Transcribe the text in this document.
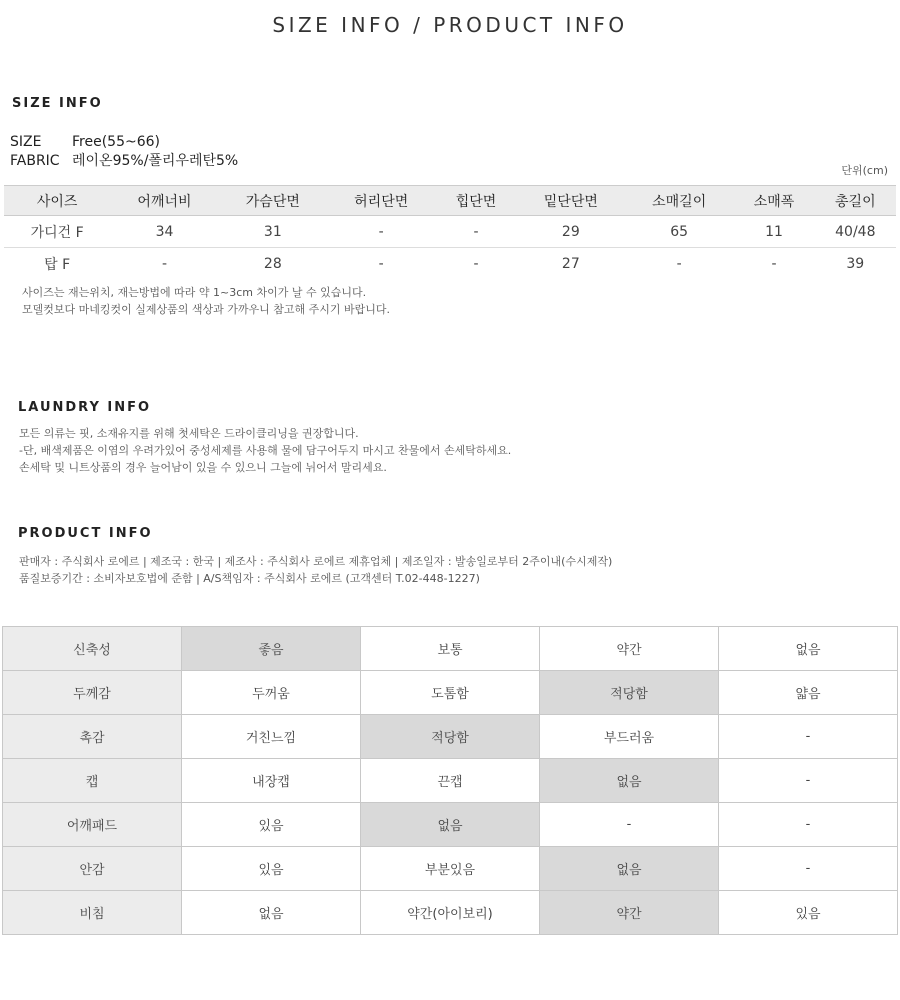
SIZE INFO / PRODUCT INFO
SIZE INFO
SIZE Free(55~66)
FABRIC 레이온95%/폴리우레탄5%
단위(cm)
사이즈	어깨너비	가슴단면	허리단면	힙단면	밑단단면	소매길이	소매폭	총길이
가디건 F	34	31	-	-	29	65	11	40/48
탑 F	-	28	-	-	27	-	-	39
사이즈는 재는위치, 재는방법에 따라 약 1~3cm 차이가 날 수 있습니다.
모델컷보다 마네킹컷이 실제상품의 색상과 가까우니 참고해 주시기 바랍니다.
LAUNDRY INFO
모든 의류는 핏, 소재유지를 위해 첫세탁은 드라이클리닝을 권장합니다.
-단, 배색제품은 이염의 우려가있어 중성세제를 사용해 물에 담구어두지 마시고 찬물에서 손세탁하세요.
손세탁 및 니트상품의 경우 늘어남이 있을 수 있으니 그늘에 뉘어서 말리세요.
PRODUCT INFO
판매자 : 주식회사 로에르 | 제조국 : 한국 | 제조사 : 주식회사 로에르 제휴업체 | 제조일자 : 발송일로부터 2주이내(수시제작)
품질보증기간 : 소비자보호법에 준함 | A/S책임자 : 주식회사 로에르 (고객센터 T.02-448-1227)
신축성	좋음	보통	약간	없음
두께감	두꺼움	도톰함	적당함	얇음
촉감	거친느낌	적당함	부드러움	-
캡	내장캡	끈캡	없음	-
어깨패드	있음	없음	-	-
안감	있음	부분있음	없음	-
비침	없음	약간(아이보리)	약간	있음
